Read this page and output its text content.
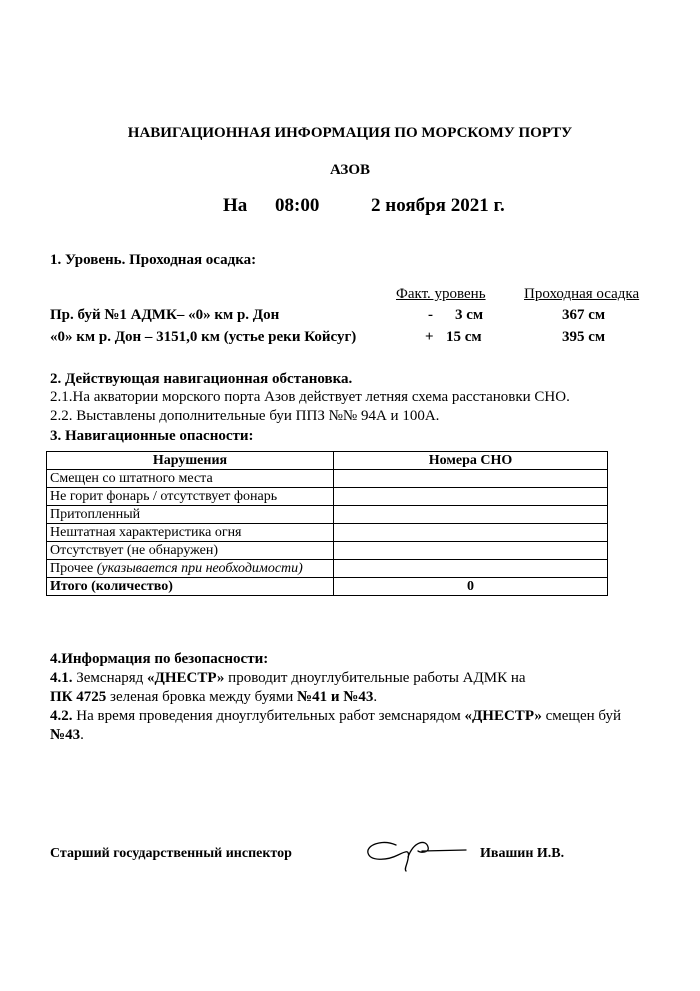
НАВИГАЦИОННАЯ ИНФОРМАЦИЯ ПО МОРСКОМУ ПОРТУ
АЗОВ
На 08:00	2 ноября 2021 г.
1. Уровень. Проходная осадка:
Факт. уровень	Проходная осадка
Пр. буй №1 АДМК– «0» км р. Дон	- 3 см	367 см
«0» км р. Дон – 3151,0 км (устье реки Койсуг)	+ 15 см	395 см
2. Действующая навигационная обстановка.
2.1.На акватории морского порта Азов действует летняя схема расстановки СНО.
2.2. Выставлены дополнительные буи ППЗ №№ 94А и 100А.
3. Навигационные опасности:
Нарушения	Номера СНО
Смещен со штатного места	
Не горит фонарь / отсутствует фонарь	
Притопленный	
Нештатная характеристика огня	
Отсутствует (не обнаружен)	
Прочее (указывается при необходимости)	
Итого (количество)	0
4.Информация по безопасности:
4.1. Земснаряд «ДНЕСТР» проводит дноуглубительные работы АДМК на
ПК 4725 зеленая бровка между буями №41 и №43.
4.2. На время проведения дноуглубительных работ земснарядом «ДНЕСТР» смещен буй
№43.
Старший государственный инспектор	Ивашин И.В.
